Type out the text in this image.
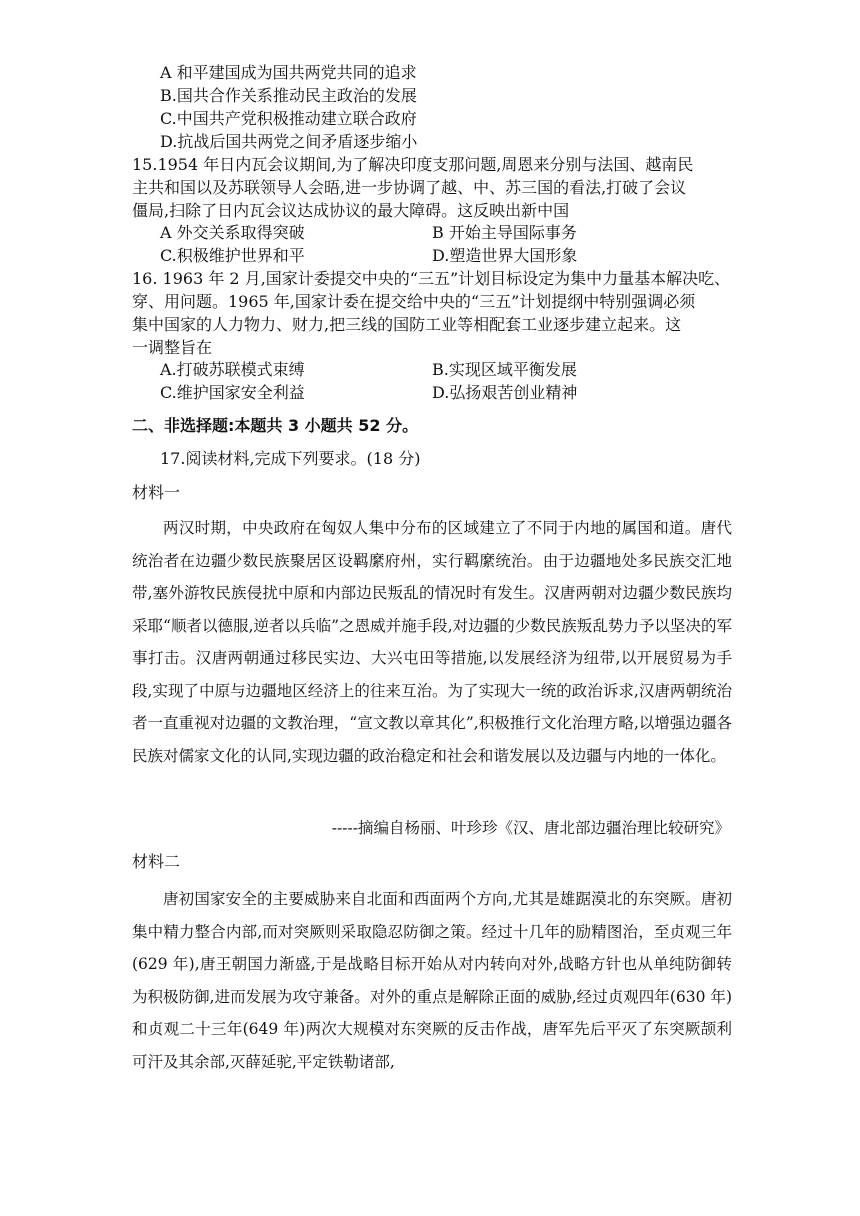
A 和平建国成为国共两党共同的追求
B.国共合作关系推动民主政治的发展
C.中国共产党积极推动建立联合政府
D.抗战后国共两党之间矛盾逐步缩小
15.1954 年日内瓦会议期间,为了解决印度支那问题,周恩来分别与法国、越南民
主共和国以及苏联领导人会晤,进一步协调了越、中、苏三国的看法,打破了会议
僵局,扫除了日内瓦会议达成协议的最大障碍。这反映出新中国
A 外交关系取得突破	B 开始主导国际事务
C.积极维护世界和平	D.塑造世界大国形象
16. 1963 年 2 月,国家计委提交中央的“三五”计划目标设定为集中力量基本解决吃、
穿、用问题。1965 年,国家计委在提交给中央的“三五”计划提纲中特别强调必须
集中国家的人力物力、财力,把三线的国防工业等相配套工业逐步建立起来。这
一调整旨在
A.打破苏联模式束缚	B.实现区域平衡发展
C.维护国家安全利益	D.弘扬艰苦创业精神
二、非选择题:本题共 3 小题共 52 分。
17.阅读材料,完成下列要求。(18 分)
材料一
两汉时期，中央政府在匈奴人集中分布的区域建立了不同于内地的属国和道。唐代统治者在边疆少数民族聚居区设羁縻府州，实行羁縻统治。由于边疆地处多民族交汇地带,塞外游牧民族侵扰中原和内部边民叛乱的情况时有发生。汉唐两朝对边疆少数民族均采耶“顺者以德服,逆者以兵临”之恩威并施手段,对边疆的少数民族叛乱势力予以坚决的军事打击。汉唐两朝通过移民实边、大兴屯田等措施,以发展经济为纽带,以开展贸易为手段,实现了中原与边疆地区经济上的往来互治。为了实现大一统的政治诉求,汉唐两朝统治者一直重视对边疆的文教治理，“宣文教以章其化”,积极推行文化治理方略,以增强边疆各民族对儒家文化的认同,实现边疆的政治稳定和社会和谐发展以及边疆与内地的一体化。
-----摘编自杨丽、叶珍珍《汉、唐北部边疆治理比较研究》
材料二
唐初国家安全的主要威胁来自北面和西面两个方向,尤其是雄踞漠北的东突厥。唐初集中精力整合内部,而对突厥则采取隐忍防御之策。经过十几年的励精图治，至贞观三年(629 年),唐王朝国力渐盛,于是战略目标开始从对内转向对外,战略方针也从单纯防御转为积极防御,进而发展为攻守兼备。对外的重点是解除正面的威胁,经过贞观四年(630 年)和贞观二十三年(649 年)两次大规模对东突厥的反击作战，唐军先后平灭了东突厥颉利可汗及其余部,灭薛延驼,平定铁勒诸部,
